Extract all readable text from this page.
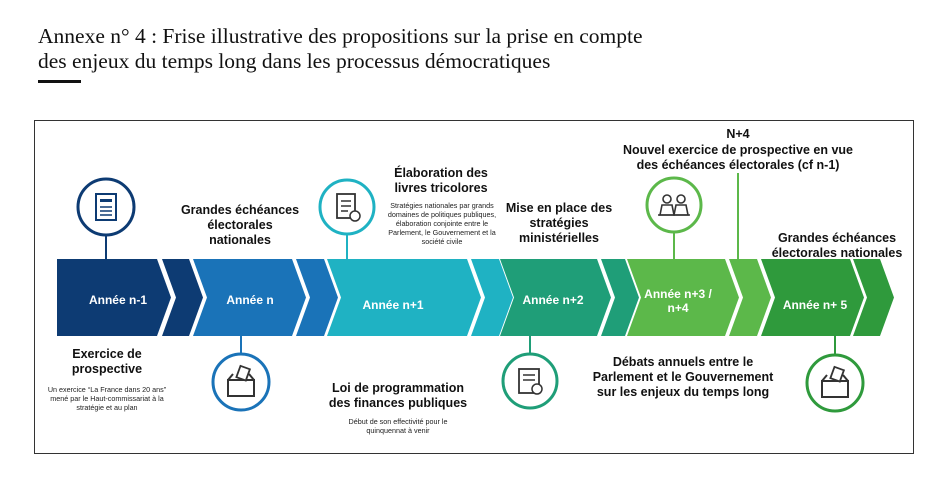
Annexe n° 4 : Frise illustrative des propositions sur la prise en compte
des enjeux du temps long dans les processus démocratiques
Année n-1	Année n	Année n+1	Année n+2	Année n+3 / n+4	Année n+ 5
Grandes échéances électorales nationales
Élaboration des livres tricolores
Stratégies nationales par grands domaines de politiques publiques, élaboration conjointe entre le Parlement, le Gouvernement et la société civile
Mise en place des stratégies ministérielles
N+4
Nouvel exercice de prospective en vue des échéances électorales (cf n-1)
Grandes échéances électorales nationales
Exercice de prospective
Un exercice “La France dans 20 ans” mené par le Haut-commissariat à la stratégie et au plan
Loi de programmation des finances publiques
Début de son effectivité pour le quinquennat à venir
Débats annuels entre le Parlement et le Gouvernement sur les enjeux du temps long
